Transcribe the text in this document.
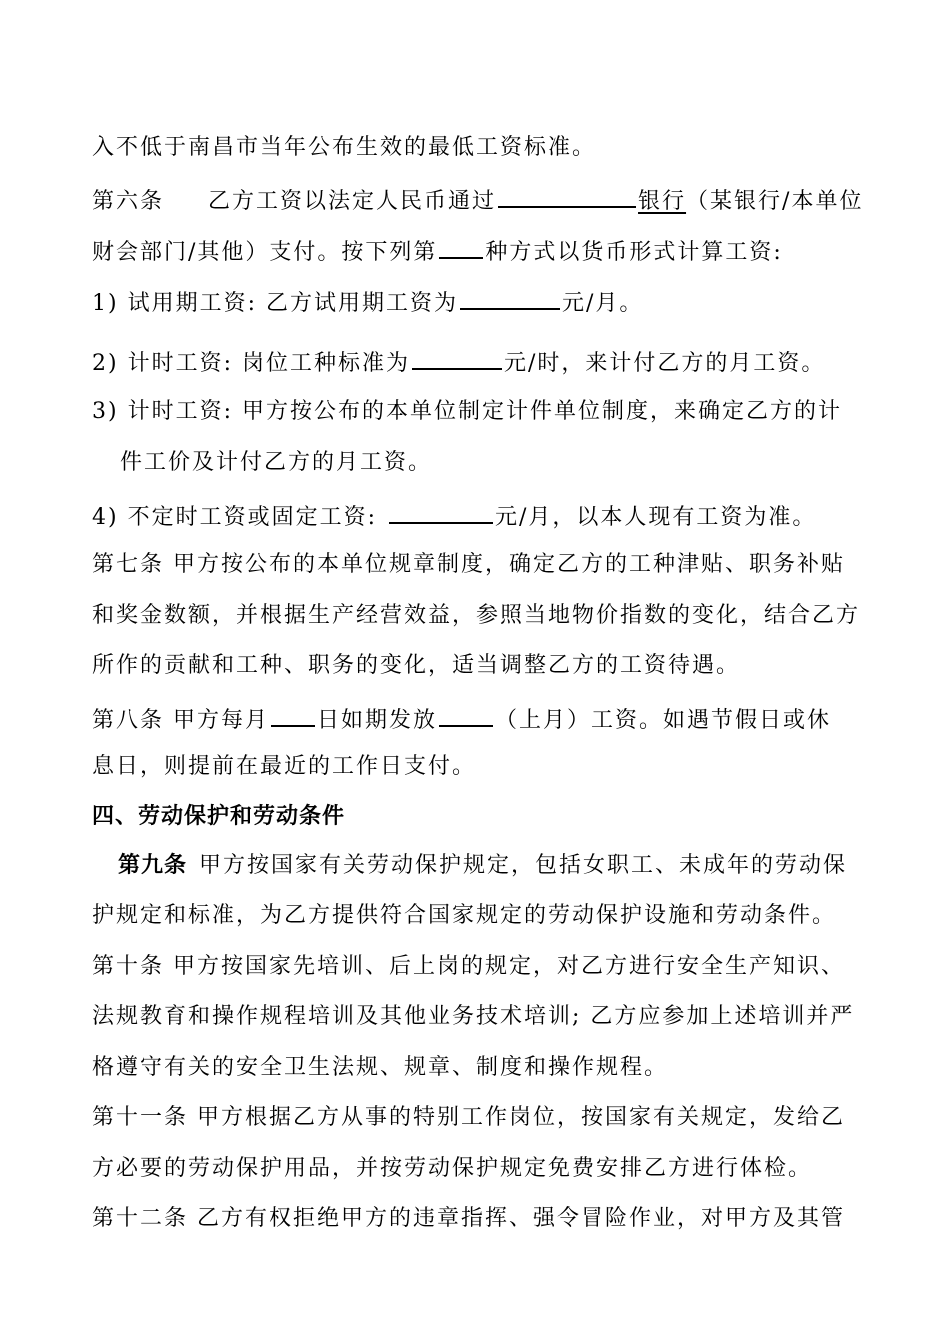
入不低于南昌市当年公布生效的最低工资标准。
第六条 乙方工资以法定人民币通过	银行（某银行/本单位
财会部门/其他）支付。按下列第 种方式以货币形式计算工资:
1) 试用期工资: 乙方试用期工资为	元/月。
2) 计时工资: 岗位工种标准为	元/时，来计付乙方的月工资。
3) 计时工资: 甲方按公布的本单位制定计件单位制度，来确定乙方的计
件工价及计付乙方的月工资。
4) 不定时工资或固定工资:	元/月，以本人现有工资为准。
第七条 甲方按公布的本单位规章制度，确定乙方的工种津贴、职务补贴
和奖金数额，并根据生产经营效益，参照当地物价指数的变化，结合乙方
所作的贡献和工种、职务的变化，适当调整乙方的工资待遇。
第八条 甲方每月 日如期发放	（上月）工资。如遇节假日或休
息日，则提前在最近的工作日支付。
四、劳动保护和劳动条件
第九条 甲方按国家有关劳动保护规定，包括女职工、未成年的劳动保
护规定和标准，为乙方提供符合国家规定的劳动保护设施和劳动条件。
第十条 甲方按国家先培训、后上岗的规定，对乙方进行安全生产知识、
法规教育和操作规程培训及其他业务技术培训; 乙方应参加上述培训并严
格遵守有关的安全卫生法规、规章、制度和操作规程。
第十一条 甲方根据乙方从事的特别工作岗位，按国家有关规定，发给乙
方必要的劳动保护用品，并按劳动保护规定免费安排乙方进行体检。
第十二条 乙方有权拒绝甲方的违章指挥、强令冒险作业，对甲方及其管
